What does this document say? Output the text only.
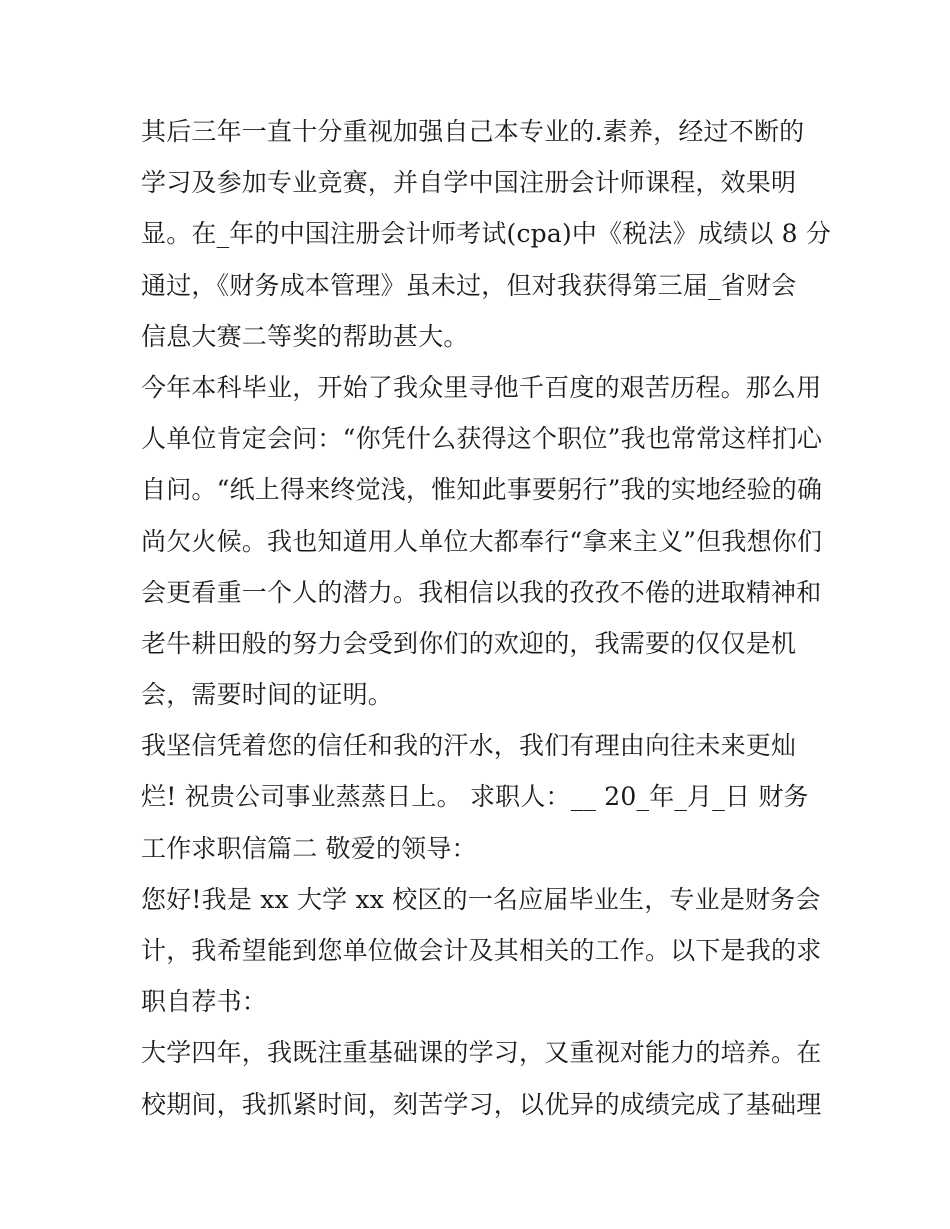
其后三年一直十分重视加强自己本专业的.素养，经过不断的
学习及参加专业竞赛，并自学中国注册会计师课程，效果明
显。在_年的中国注册会计师考试(cpa)中《税法》成绩以 8 分
通过，《财务成本管理》虽未过，但对我获得第三届_省财会
信息大赛二等奖的帮助甚大。
今年本科毕业，开始了我众里寻他千百度的艰苦历程。那么用
人单位肯定会问：“你凭什么获得这个职位”我也常常这样扪心
自问。“纸上得来终觉浅，惟知此事要躬行”我的实地经验的确
尚欠火候。我也知道用人单位大都奉行“拿来主义”但我想你们
会更看重一个人的潜力。我相信以我的孜孜不倦的进取精神和
老牛耕田般的努力会受到你们的欢迎的，我需要的仅仅是机
会，需要时间的证明。
我坚信凭着您的信任和我的汗水，我们有理由向往未来更灿
烂! 祝贵公司事业蒸蒸日上。 求职人：__ 20_年_月_日 财务
工作求职信篇二 敬爱的领导：
您好!我是 xx 大学 xx 校区的一名应届毕业生，专业是财务会
计，我希望能到您单位做会计及其相关的工作。以下是我的求
职自荐书：
大学四年，我既注重基础课的学习，又重视对能力的培养。在
校期间，我抓紧时间，刻苦学习，以优异的成绩完成了基础理
